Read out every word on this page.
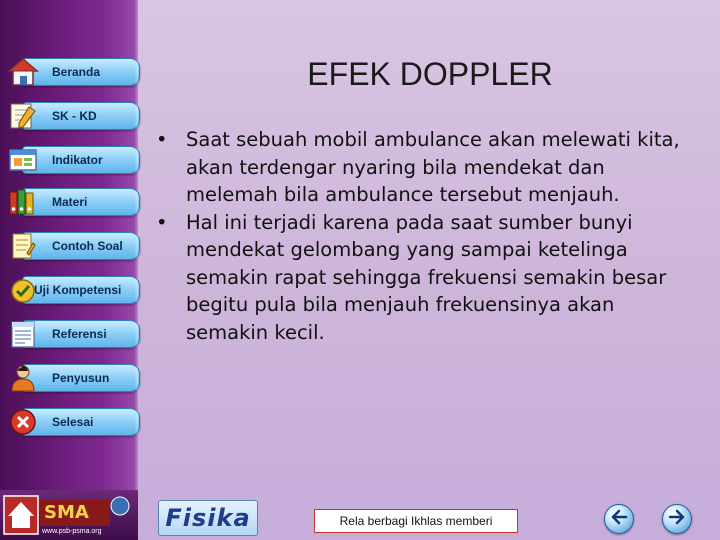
Beranda
SK - KD
Indikator
Materi
Contoh Soal
Uji Kompetensi
Referensi
Penyusun
Selesai
EFEK DOPPLER
• Saat sebuah mobil ambulance akan melewati kita, akan terdengar nyaring bila mendekat dan melemah bila ambulance tersebut menjauh.
• Hal ini terjadi karena pada saat sumber bunyi mendekat gelombang yang sampai ketelinga semakin rapat sehingga frekuensi semakin besar begitu pula bila menjauh frekuensinya akan semakin kecil.
SMA
www.psb-psma.org	Fisika	Rela berbagi Ikhlas memberi
